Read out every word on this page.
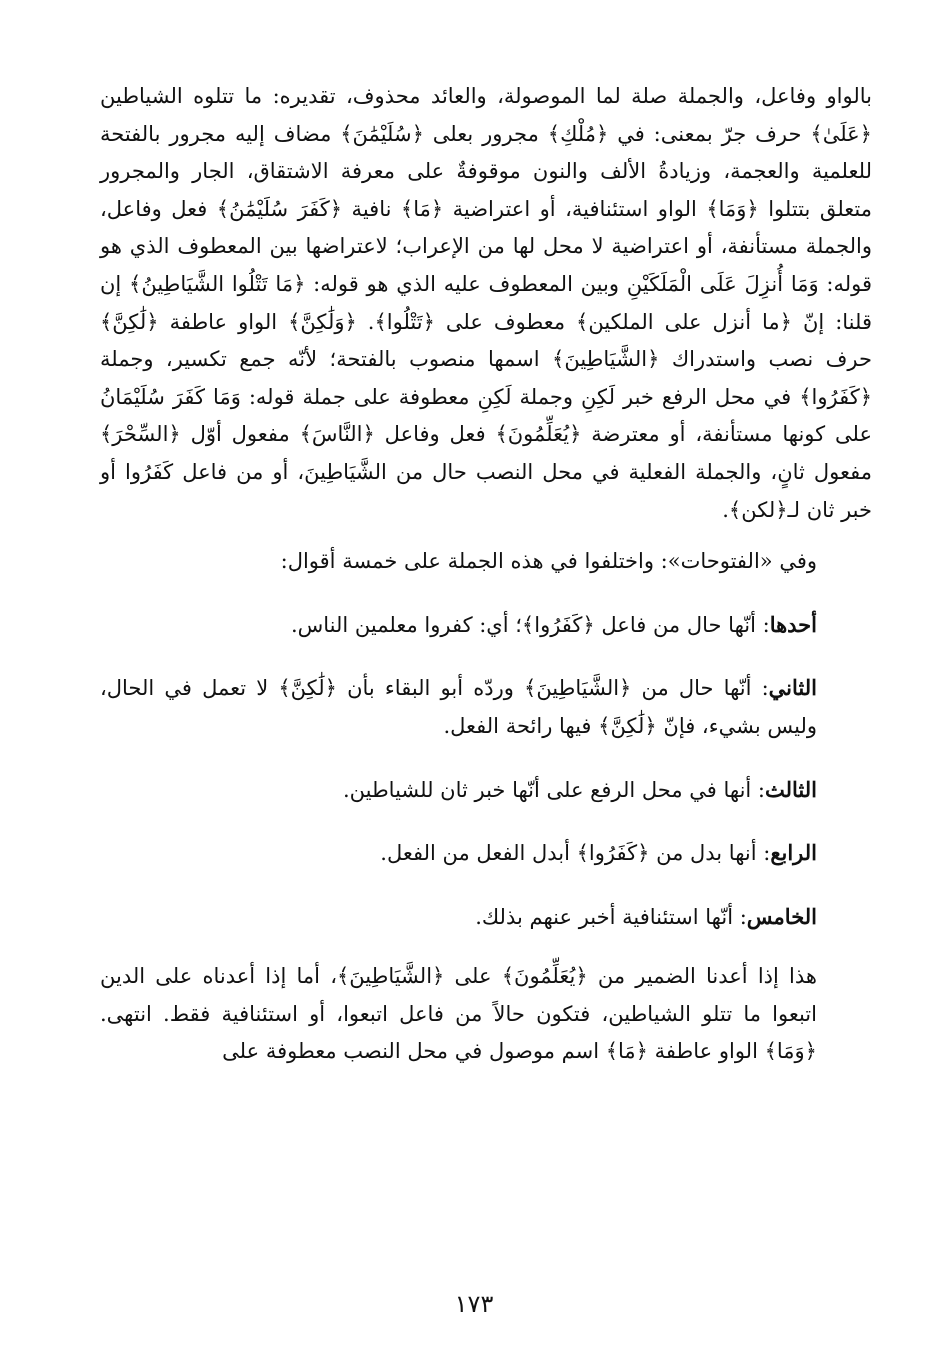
بالواو وفاعل، والجملة صلة لما الموصولة، والعائد محذوف، تقديره: ما تتلوه الشياطين ﴿عَلَىٰ﴾ حرف جرّ بمعنى: في ﴿مُلْكِ﴾ مجرور بعلى ﴿سُلَيْمَٰنَ﴾ مضاف إليه مجرور بالفتحة للعلمية والعجمة، وزيادةُ الألف والنون موقوفةٌ على معرفة الاشتقاق، الجار والمجرور متعلق بتتلوا ﴿وَمَا﴾ الواو استئنافية، أو اعتراضية ﴿مَا﴾ نافية ﴿كَفَرَ سُلَيْمَٰنُ﴾ فعل وفاعل، والجملة مستأنفة، أو اعتراضية لا محل لها من الإعراب؛ لاعتراضها بين المعطوف الذي هو قوله: وَمَا أُنزِلَ عَلَى الْمَلَكَيْنِ وبين المعطوف عليه الذي هو قوله: ﴿مَا تَتْلُوا الشَّيَاطِينُ﴾ إن قلنا: إنّ ﴿ما أنزل على الملكين﴾ معطوف على ﴿تَتْلُوا﴾. ﴿وَلَٰكِنَّ﴾ الواو عاطفة ﴿لَٰكِنَّ﴾ حرف نصب واستدراك ﴿الشَّيَاطِينَ﴾ اسمها منصوب بالفتحة؛ لأنّه جمع تكسير، وجملة ﴿كَفَرُوا﴾ في محل الرفع خبر لَكِنِ وجملة لَكِنِ معطوفة على جملة قوله: وَمَا كَفَرَ سُلَيْمَانُ على كونها مستأنفة، أو معترضة ﴿يُعَلِّمُونَ﴾ فعل وفاعل ﴿النَّاسَ﴾ مفعول أوّل ﴿السِّحْرَ﴾ مفعول ثانٍ، والجملة الفعلية في محل النصب حال من الشَّيَاطِينَ، أو من فاعل كَفَرُوا أو خبر ثان لـ﴿لكن﴾.

وفي «الفتوحات»: واختلفوا في هذه الجملة على خمسة أقوال:

أحدها: أنّها حال من فاعل ﴿كَفَرُوا﴾؛ أي: كفروا معلمين الناس.

الثاني: أنّها حال من ﴿الشَّيَاطِينَ﴾ وردّه أبو البقاء بأن ﴿لَٰكِنَّ﴾ لا تعمل في الحال، وليس بشيء، فإنّ ﴿لَٰكِنَّ﴾ فيها رائحة الفعل.

الثالث: أنها في محل الرفع على أنّها خبر ثان للشياطين.

الرابع: أنها بدل من ﴿كَفَرُوا﴾ أبدل الفعل من الفعل.

الخامس: أنّها استئنافية أخبر عنهم بذلك.

هذا إذا أعدنا الضمير من ﴿يُعَلِّمُونَ﴾ على ﴿الشَّيَاطِينَ﴾، أما إذا أعدناه على الدين اتبعوا ما تتلو الشياطين، فتكون حالاً من فاعل اتبعوا، أو استئنافية فقط. انتهى. ﴿وَمَا﴾ الواو عاطفة ﴿مَا﴾ اسم موصول في محل النصب معطوفة على

١٧٣
